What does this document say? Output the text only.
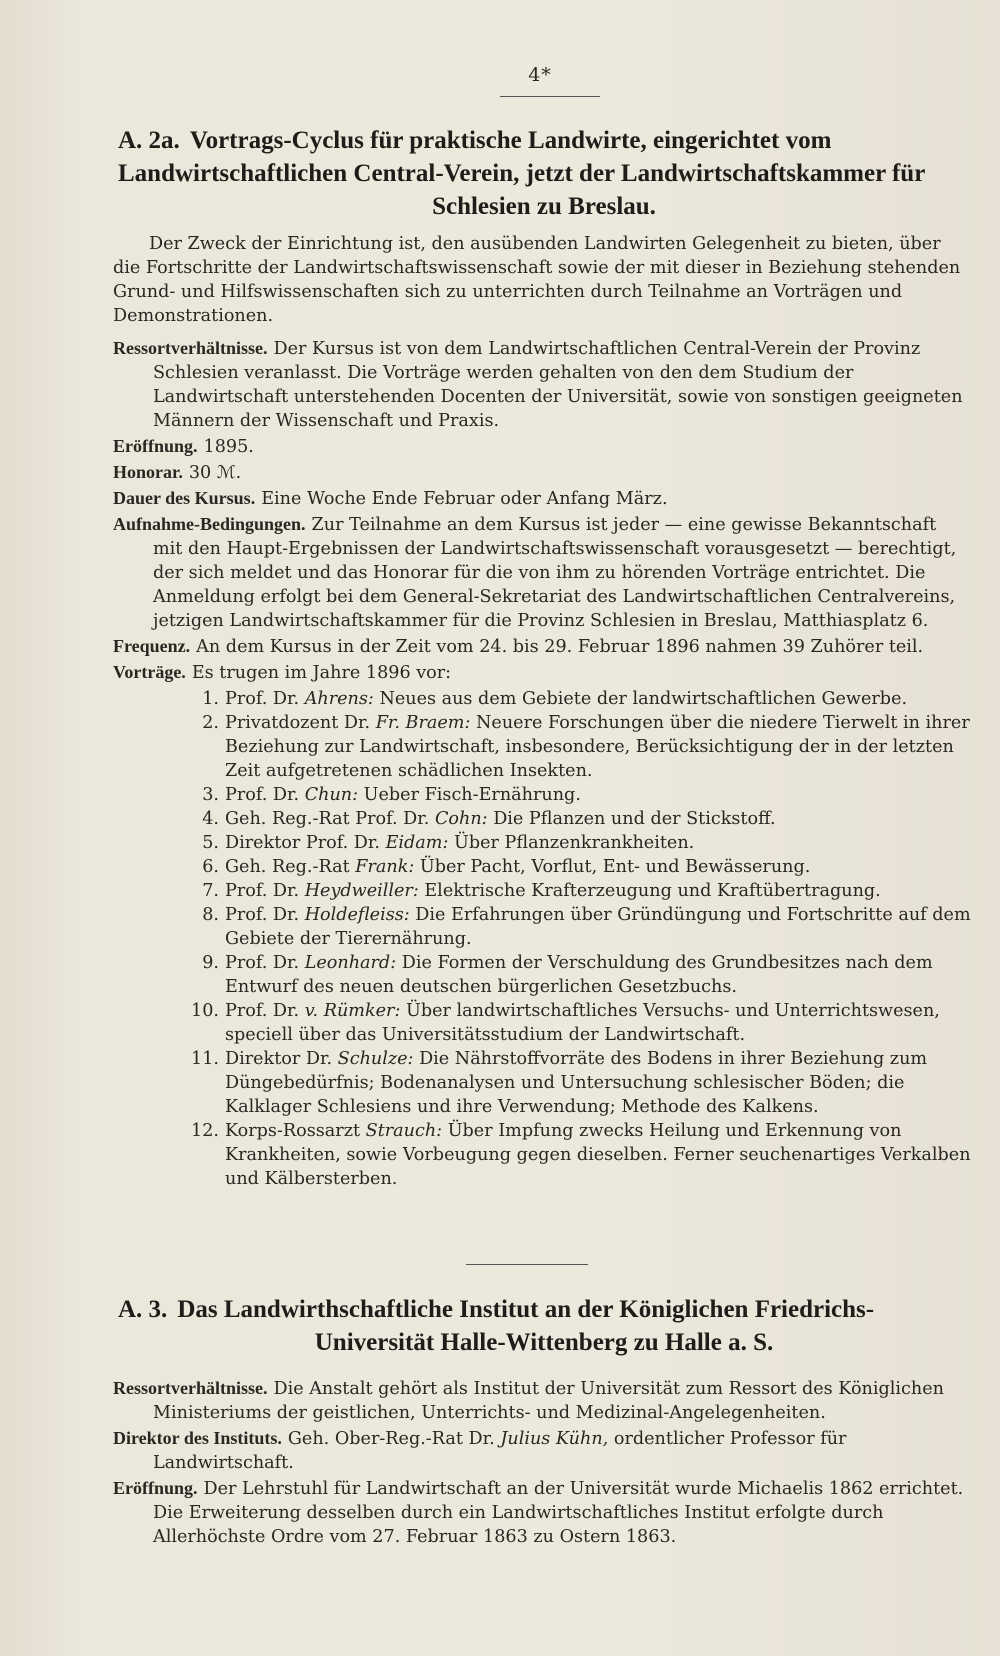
4*
A. 2a. Vortrags-Cyclus für praktische Landwirte, eingerichtet vom Landwirtschaftlichen Central-Verein, jetzt der Landwirtschaftskammer für
Schlesien zu Breslau.

Der Zweck der Einrichtung ist, den ausübenden Landwirten Gelegenheit zu bieten, über die Fortschritte der Landwirtschaftswissenschaft sowie der mit dieser in Beziehung stehenden Grund- und Hilfswissenschaften sich zu unterrichten durch Teilnahme an Vorträgen und Demonstrationen.

Ressortverhältnisse. Der Kursus ist von dem Landwirtschaftlichen Central-Verein der Provinz Schlesien veranlasst. Die Vorträge werden gehalten von den dem Studium der Landwirtschaft unterstehenden Docenten der Universität, sowie von sonstigen geeigneten Männern der Wissenschaft und Praxis.

Eröffnung. 1895.

Honorar. 30 ℳ.

Dauer des Kursus. Eine Woche Ende Februar oder Anfang März.

Aufnahme-Bedingungen. Zur Teilnahme an dem Kursus ist jeder — eine gewisse Bekanntschaft mit den Haupt-Ergebnissen der Landwirtschaftswissenschaft vorausgesetzt — berechtigt, der sich meldet und das Honorar für die von ihm zu hörenden Vorträge entrichtet. Die Anmeldung erfolgt bei dem General-Sekretariat des Landwirtschaftlichen Centralvereins, jetzigen Landwirtschaftskammer für die Provinz Schlesien in Breslau, Matthiasplatz 6.

Frequenz. An dem Kursus in der Zeit vom 24. bis 29. Februar 1896 nahmen 39 Zuhörer teil.

Vorträge. Es trugen im Jahre 1896 vor:

1. Prof. Dr. Ahrens: Neues aus dem Gebiete der landwirtschaftlichen Gewerbe.
2. Privatdozent Dr. Fr. Braem: Neuere Forschungen über die niedere Tierwelt in ihrer Beziehung zur Landwirtschaft, insbesondere, Berücksichtigung der in der letzten Zeit aufgetretenen schädlichen Insekten.
3. Prof. Dr. Chun: Ueber Fisch-Ernährung.
4. Geh. Reg.-Rat Prof. Dr. Cohn: Die Pflanzen und der Stickstoff.
5. Direktor Prof. Dr. Eidam: Über Pflanzenkrankheiten.
6. Geh. Reg.-Rat Frank: Über Pacht, Vorflut, Ent- und Bewässerung.
7. Prof. Dr. Heydweiller: Elektrische Krafterzeugung und Kraftübertragung.
8. Prof. Dr. Holdefleiss: Die Erfahrungen über Gründüngung und Fortschritte auf dem Gebiete der Tierernährung.
9. Prof. Dr. Leonhard: Die Formen der Verschuldung des Grundbesitzes nach dem Entwurf des neuen deutschen bürgerlichen Gesetzbuchs.
10. Prof. Dr. v. Rümker: Über landwirtschaftliches Versuchs- und Unterrichtswesen, speciell über das Universitätsstudium der Landwirtschaft.
11. Direktor Dr. Schulze: Die Nährstoffvorräte des Bodens in ihrer Beziehung zum Düngebedürfnis; Bodenanalysen und Untersuchung schlesischer Böden; die Kalklager Schlesiens und ihre Verwendung; Methode des Kalkens.
12. Korps-Rossarzt Strauch: Über Impfung zwecks Heilung und Erkennung von Krankheiten, sowie Vorbeugung gegen dieselben. Ferner seuchenartiges Verkalben und Kälbersterben.
A. 3. Das Landwirthschaftliche Institut an der Königlichen Friedrichs-
Universität Halle-Wittenberg zu Halle a. S.

Ressortverhältnisse. Die Anstalt gehört als Institut der Universität zum Ressort des Königlichen Ministeriums der geistlichen, Unterrichts- und Medizinal-Angelegenheiten.

Direktor des Instituts. Geh. Ober-Reg.-Rat Dr. Julius Kühn, ordentlicher Professor für Landwirtschaft.

Eröffnung. Der Lehrstuhl für Landwirtschaft an der Universität wurde Michaelis 1862 errichtet. Die Erweiterung desselben durch ein Landwirtschaftliches Institut erfolgte durch Allerhöchste Ordre vom 27. Februar 1863 zu Ostern 1863.
